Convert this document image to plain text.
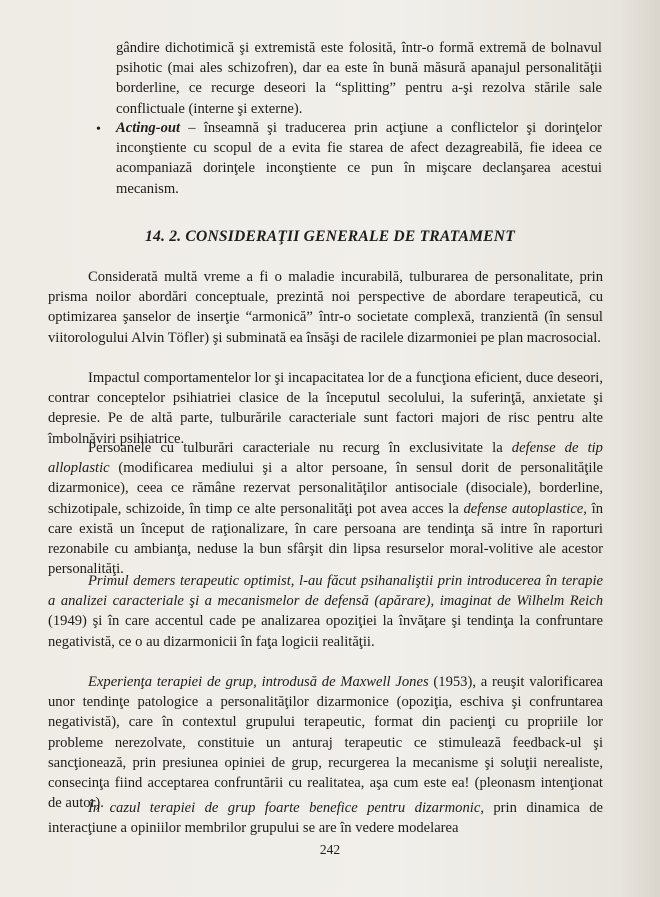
gândire dichotimică şi extremistă este folosită, într-o formă extremă de bolnavul psihotic (mai ales schizofren), dar ea este în bună măsură apanajul personalităţii borderline, ce recurge deseori la “splitting” pentru a-şi rezolva stările sale conflictuale (interne şi externe).

• Acting-out – înseamnă şi traducerea prin acţiune a conflictelor şi dorinţelor inconştiente cu scopul de a evita fie starea de afect dezagreabilă, fie ideea ce acompaniază dorinţele inconştiente ce pun în mişcare declanşarea acestui mecanism.

14. 2. CONSIDERAŢII GENERALE DE TRATAMENT

Considerată multă vreme a fi o maladie incurabilă, tulburarea de personalitate, prin prisma noilor abordări conceptuale, prezintă noi perspective de abordare terapeutică, cu optimizarea şanselor de inserţie “armonică” într-o societate complexă, tranzientă (în sensul viitorologului Alvin Töfler) şi subminată ea însăşi de racilele dizarmoniei pe plan macrosocial.

Impactul comportamentelor lor şi incapacitatea lor de a funcţiona eficient, duce deseori, contrar conceptelor psihiatriei clasice de la începutul secolului, la suferinţă, anxietate şi depresie. Pe de altă parte, tulburările caracteriale sunt factori majori de risc pentru alte îmbolnăviri psihiatrice.

Persoanele cu tulburări caracteriale nu recurg în exclusivitate la defense de tip alloplastic (modificarea mediului şi a altor persoane, în sensul dorit de personalităţile dizarmonice), ceea ce rămâne rezervat personalităţilor antisociale (disociale), borderline, schizotipale, schizoide, în timp ce alte personalităţi pot avea acces la defense autoplastice, în care există un început de raţionalizare, în care persoana are tendinţa să intre în raporturi rezonabile cu ambianţa, neduse la bun sfârşit din lipsa resurselor moral-volitive ale acestor personalităţi.

Primul demers terapeutic optimist, l-au făcut psihanaliştii prin introducerea în terapie a analizei caracteriale şi a mecanismelor de defensă (apărare), imaginat de Wilhelm Reich (1949) şi în care accentul cade pe analizarea opoziţiei la învăţare şi tendinţa la confruntare negativistă, ce o au dizarmonicii în faţa logicii realităţii.

Experienţa terapiei de grup, introdusă de Maxwell Jones (1953), a reuşit valorificarea unor tendinţe patologice a personalităţilor dizarmonice (opoziţia, eschiva şi confruntarea negativistă), care în contextul grupului terapeutic, format din pacienţi cu propriile lor probleme nerezolvate, constituie un anturaj terapeutic ce stimulează feedback-ul şi sancţionează, prin presiunea opiniei de grup, recurgerea la mecanisme şi soluţii nerealiste, consecinţa fiind acceptarea confruntării cu realitatea, aşa cum este ea! (pleonasm intenţionat de autor).

În cazul terapiei de grup foarte benefice pentru dizarmonic, prin dinamica de interacţiune a opiniilor membrilor grupului se are în vedere modelarea

242
